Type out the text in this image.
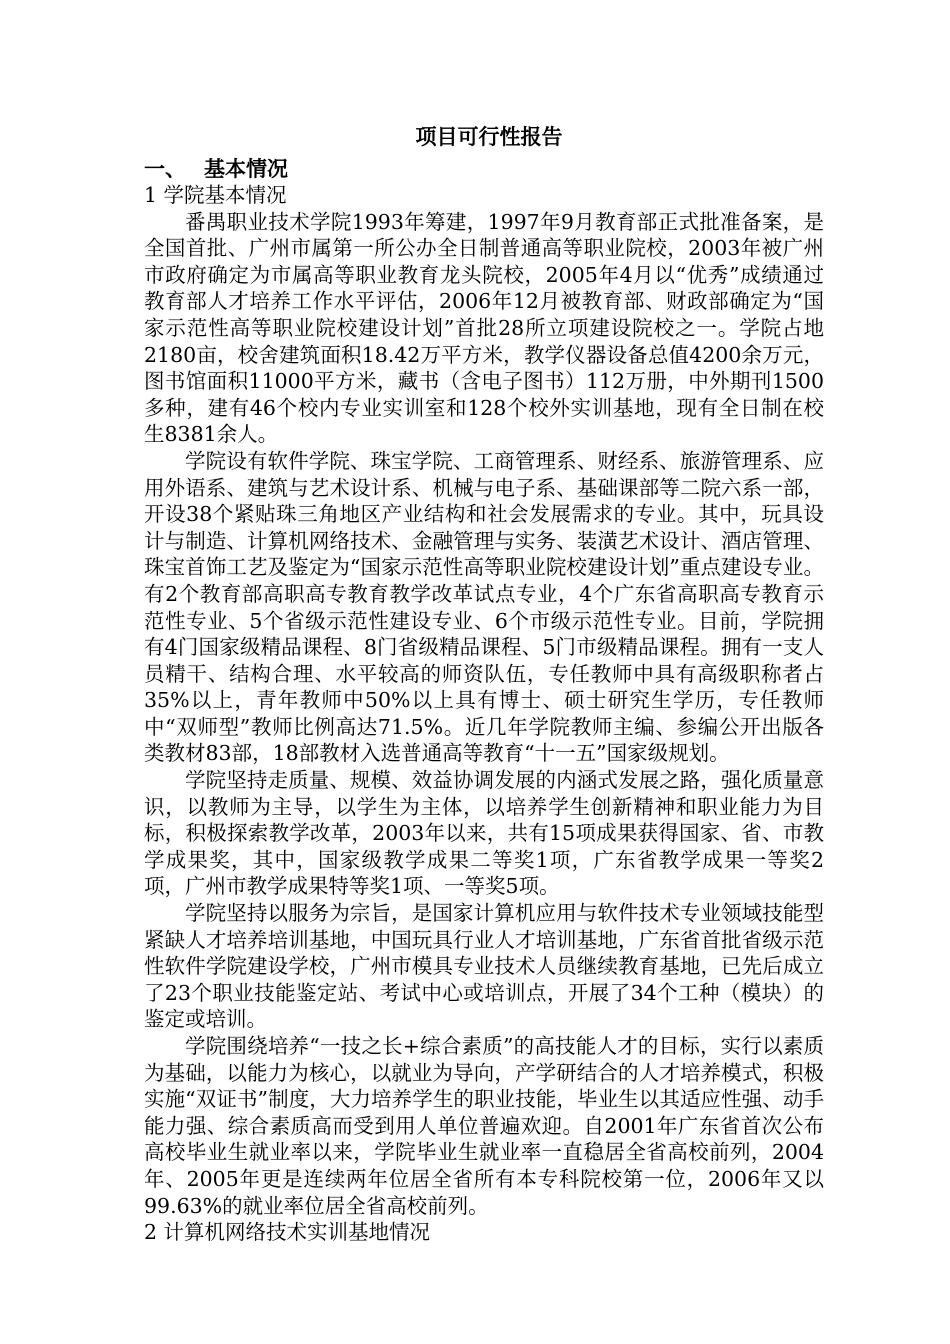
项目可行性报告
一、 基本情况
1 学院基本情况

番禺职业技术学院1993年筹建，1997年9月教育部正式批准备案，是全国首批、广州市属第一所公办全日制普通高等职业院校，2003年被广州市政府确定为市属高等职业教育龙头院校，2005年4月以“优秀”成绩通过教育部人才培养工作水平评估，2006年12月被教育部、财政部确定为“国家示范性高等职业院校建设计划”首批28所立项建设院校之一。学院占地2180亩，校舍建筑面积18.42万平方米，教学仪器设备总值4200余万元，图书馆面积11000平方米，藏书（含电子图书）112万册，中外期刊1500多种，建有46个校内专业实训室和128个校外实训基地，现有全日制在校生8381余人。

学院设有软件学院、珠宝学院、工商管理系、财经系、旅游管理系、应用外语系、建筑与艺术设计系、机械与电子系、基础课部等二院六系一部，开设38个紧贴珠三角地区产业结构和社会发展需求的专业。其中，玩具设计与制造、计算机网络技术、金融管理与实务、装潢艺术设计、酒店管理、珠宝首饰工艺及鉴定为“国家示范性高等职业院校建设计划”重点建设专业。有2个教育部高职高专教育教学改革试点专业，4个广东省高职高专教育示范性专业、5个省级示范性建设专业、6个市级示范性专业。目前，学院拥有4门国家级精品课程、8门省级精品课程、5门市级精品课程。拥有一支人员精干、结构合理、水平较高的师资队伍，专任教师中具有高级职称者占35%以上，青年教师中50%以上具有博士、硕士研究生学历，专任教师中“双师型”教师比例高达71.5%。近几年学院教师主编、参编公开出版各类教材83部，18部教材入选普通高等教育“十一五”国家级规划。

学院坚持走质量、规模、效益协调发展的内涵式发展之路，强化质量意识，以教师为主导，以学生为主体，以培养学生创新精神和职业能力为目标，积极探索教学改革，2003年以来，共有15项成果获得国家、省、市教学成果奖，其中，国家级教学成果二等奖1项，广东省教学成果一等奖2项，广州市教学成果特等奖1项、一等奖5项。

学院坚持以服务为宗旨，是国家计算机应用与软件技术专业领域技能型紧缺人才培养培训基地，中国玩具行业人才培训基地，广东省首批省级示范性软件学院建设学校，广州市模具专业技术人员继续教育基地，已先后成立了23个职业技能鉴定站、考试中心或培训点，开展了34个工种（模块）的鉴定或培训。

学院围绕培养“一技之长+综合素质”的高技能人才的目标，实行以素质为基础，以能力为核心，以就业为导向，产学研结合的人才培养模式，积极实施“双证书”制度，大力培养学生的职业技能，毕业生以其适应性强、动手能力强、综合素质高而受到用人单位普遍欢迎。自2001年广东省首次公布高校毕业生就业率以来，学院毕业生就业率一直稳居全省高校前列，2004年、2005年更是连续两年位居全省所有本专科院校第一位，2006年又以99.63%的就业率位居全省高校前列。

2 计算机网络技术实训基地情况
